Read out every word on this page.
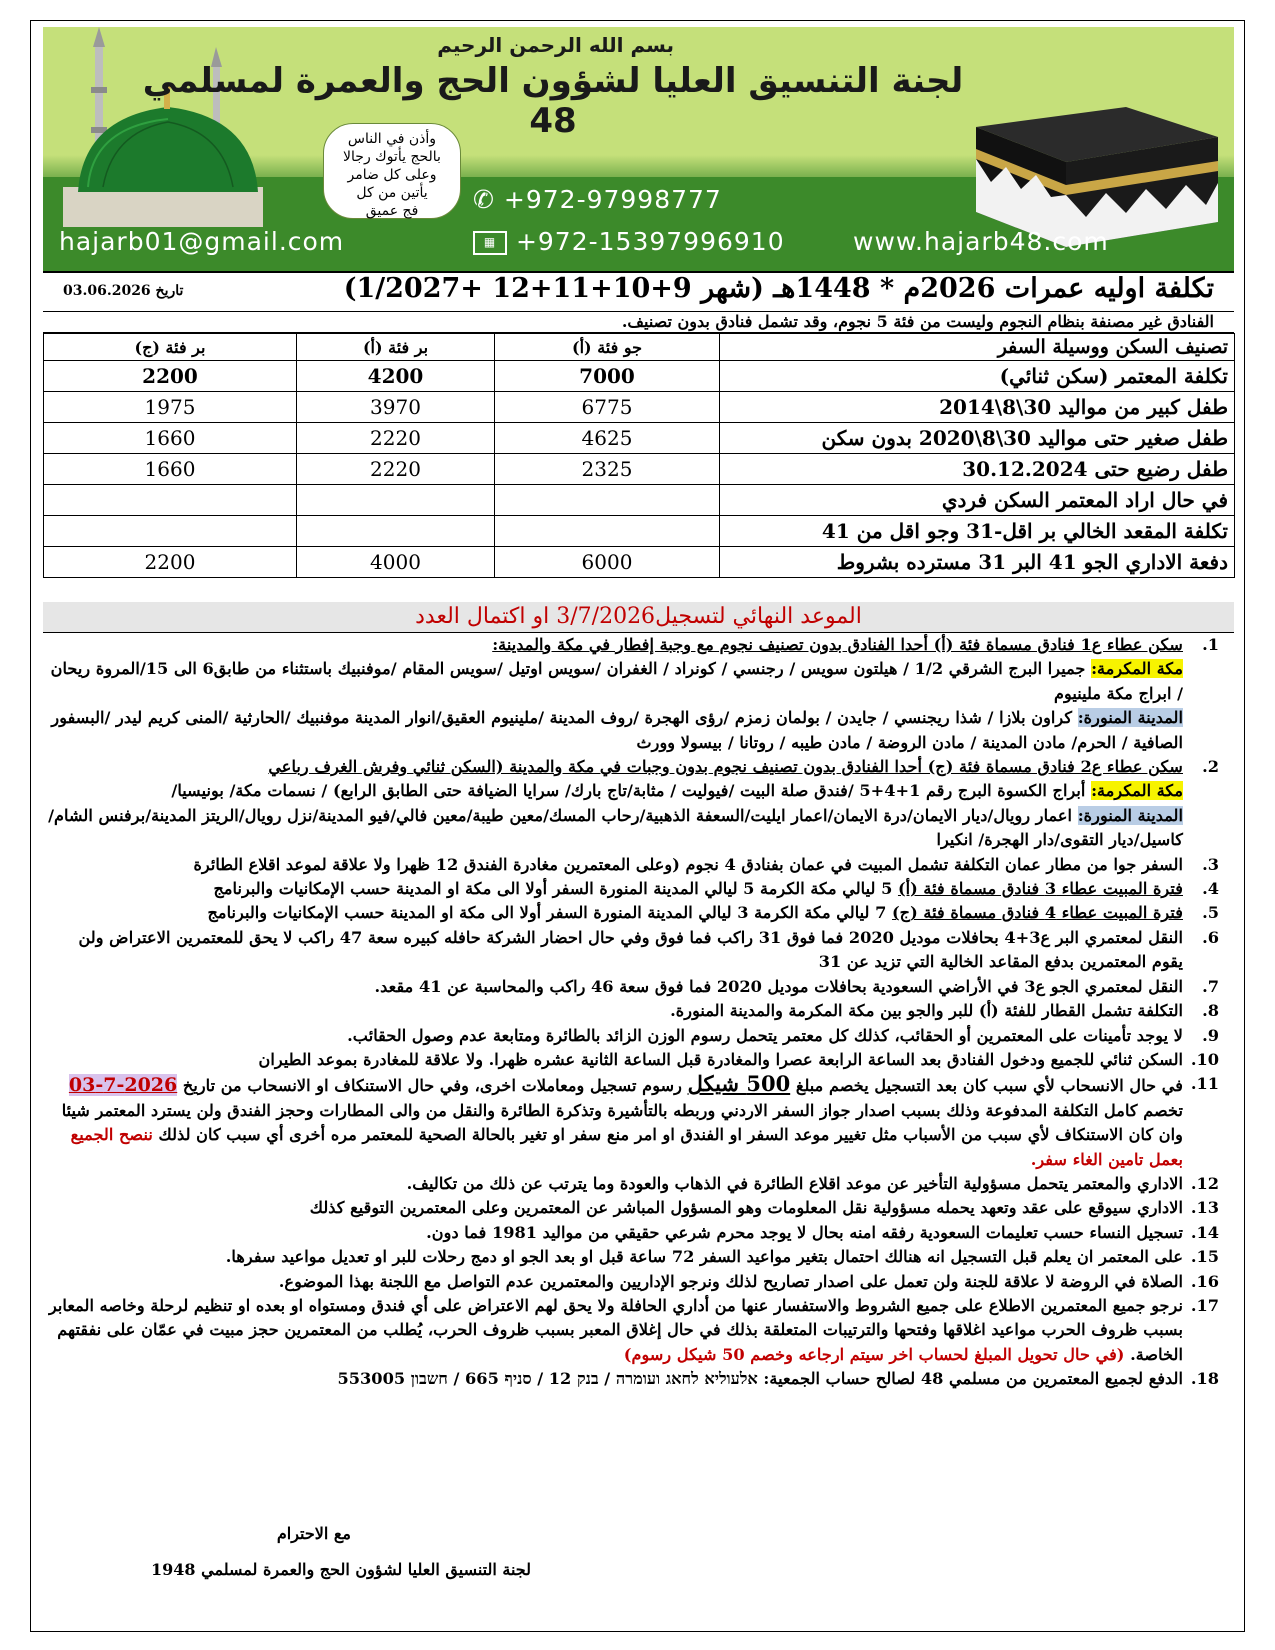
بسم الله الرحمن الرحيم
لجنة التنسيق العليا لشؤون الحج والعمرة لمسلمي 48
وأذن في الناس
بالحج يأتوك رجالا
وعلى كل ضامر
يأتين من كل
فج عميق	✆ +972-97998777
▦ +972-15397996910
hajarb01@gmail.com	www.hajarb48.com
تكلفة اوليه عمرات 2026م * 1448هـ (شهر 9+10+11+12 +1/2027)
تاريخ 03.06.2026
الفنادق غير مصنفة بنظام النجوم وليست من فئة 5 نجوم، وقد تشمل فنادق بدون تصنيف.
تصنيف السكن ووسيلة السفر	جو فئة (أ)	بر فئة (أ)	بر فئة (ج)
تكلفة المعتمر (سكن ثنائي)	7000	4200	2200
طفل كبير من مواليد 30\8\2014	6775	3970	1975
طفل صغير حتى مواليد 30\8\2020 بدون سكن	4625	2220	1660
طفل رضيع حتى 30.12.2024	2325	2220	1660
في حال اراد المعتمر السكن فردي			
تكلفة المقعد الخالي بر اقل-31 وجو اقل من 41			
دفعة الاداري الجو 41 البر 31 مسترده بشروط	6000	4000	2200
الموعد النهائي لتسجيل3/7/2026 او اكتمال العدد
1.
سكن عطاء ع1 فنادق مسماة فئة (أ) أحدا الفنادق بدون تصنيف نجوم مع وجبة إفطار في مكة والمدينة:
مكة المكرمة: جميرا البرج الشرقي 1/2 / هيلتون سويس / رجنسي / كونراد / الغفران /سويس اوتيل /سويس المقام /موفنبيك باستثناء من طابق6 الى 15/المروة ريحان / ابراج مكة ملينيوم
المدينة المنورة: كراون بلازا / شذا ريجنسي / جايدن / بولمان زمزم /رؤى الهجرة /روف المدينة /ملينيوم العقيق/انوار المدينة موفنبيك /الحارثية /المنى كريم ليدر /البسفور الصافية / الحرم/ مادن المدينة / مادن الروضة / مادن طيبه / روتانا / بيسولا وورث
2.
سكن عطاء ع2 فنادق مسماة فئة (ج) أحدا الفنادق بدون تصنيف نجوم بدون وجبات في مكة والمدينة (السكن ثنائي وفرش الغرف رباعي
مكة المكرمة: أبراج الكسوة البرج رقم 1+4+5 /فندق صلة البيت /فيوليت / مثابة/تاج بارك/ سرايا الضيافة حتى الطابق الرابع) / نسمات مكة/ بونيسيا/
المدينة المنورة: اعمار رويال/ديار الايمان/درة الايمان/اعمار ايليت/السعفة الذهبية/رحاب المسك/معين طيبة/معين فالي/فيو المدينة/نزل رويال/الريتز المدينة/برفنس الشام/كاسيل/ديار التقوى/دار الهجرة/ انكيرا
3.
السفر جوا من مطار عمان التكلفة تشمل المبيت في عمان بفنادق 4 نجوم (وعلى المعتمرين مغادرة الفندق 12 ظهرا ولا علاقة لموعد اقلاع الطائرة
4.
فترة المبيت عطاء 3 فنادق مسماة فئة (أ) 5 ليالي مكة الكرمة 5 ليالي المدينة المنورة السفر أولا الى مكة او المدينة حسب الإمكانيات والبرنامج
5.
فترة المبيت عطاء 4 فنادق مسماة فئة (ج) 7 ليالي مكة الكرمة 3 ليالي المدينة المنورة السفر أولا الى مكة او المدينة حسب الإمكانيات والبرنامج
6.
النقل لمعتمري البر ع3+4 بحافلات موديل 2020 فما فوق 31 راكب فما فوق وفي حال احضار الشركة حافله كبيره سعة 47 راكب لا يحق للمعتمرين الاعتراض ولن يقوم المعتمرين بدفع المقاعد الخالية التي تزيد عن 31
7.
النقل لمعتمري الجو ع3 في الأراضي السعودية بحافلات موديل 2020 فما فوق سعة 46 راكب والمحاسبة عن 41 مقعد.
8.
التكلفة تشمل القطار للفئة (أ) للبر والجو بين مكة المكرمة والمدينة المنورة.
9.
لا يوجد تأمينات على المعتمرين أو الحقائب، كذلك كل معتمر يتحمل رسوم الوزن الزائد بالطائرة ومتابعة عدم وصول الحقائب.
10.
السكن ثنائي للجميع ودخول الفنادق بعد الساعة الرابعة عصرا والمغادرة قبل الساعة الثانية عشره ظهرا. ولا علاقة للمغادرة بموعد الطيران
11.
في حال الانسحاب لأي سبب كان بعد التسجيل يخصم مبلغ 500 شيكل رسوم تسجيل ومعاملات اخرى، وفي حال الاستنكاف او الانسحاب من تاريخ 2026-7-03 تخصم كامل التكلفة المدفوعة وذلك بسبب اصدار جواز السفر الاردني وربطه بالتأشيرة وتذكرة الطائرة والنقل من والى المطارات وحجز الفندق ولن يسترد المعتمر شيئا وان كان الاستنكاف لأي سبب من الأسباب مثل تغيير موعد السفر او الفندق او امر منع سفر او تغير بالحالة الصحية للمعتمر مره أخرى أي سبب كان لذلك ننصح الجميع بعمل تامين الغاء سفر.
12.
الاداري والمعتمر يتحمل مسؤولية التأخير عن موعد اقلاع الطائرة في الذهاب والعودة وما يترتب عن ذلك من تكاليف.
13.
الاداري سيوقع على عقد وتعهد يحمله مسؤولية نقل المعلومات وهو المسؤول المباشر عن المعتمرين وعلى المعتمرين التوقيع كذلك
14.
تسجيل النساء حسب تعليمات السعودية رفقه امنه بحال لا يوجد محرم شرعي حقيقي من مواليد 1981 فما دون.
15.
على المعتمر ان يعلم قبل التسجيل انه هنالك احتمال بتغير مواعيد السفر 72 ساعة قبل او بعد الجو او دمج رحلات للبر او تعديل مواعيد سفرها.
16.
الصلاة في الروضة لا علاقة للجنة ولن تعمل على اصدار تصاريح لذلك ونرجو الإداريين والمعتمرين عدم التواصل مع اللجنة بهذا الموضوع.
17.
نرجو جميع المعتمرين الاطلاع على جميع الشروط والاستفسار عنها من أداري الحافلة ولا يحق لهم الاعتراض على أي فندق ومستواه او بعده او تنظيم لرحلة وخاصه المعابر بسبب ظروف الحرب مواعيد اغلاقها وفتحها والترتيبات المتعلقة بذلك في حال إغلاق المعبر بسبب ظروف الحرب، يُطلب من المعتمرين حجز مبيت في عمّان على نفقتهم الخاصة. (في حال تحويل المبلغ لحساب اخر سيتم ارجاعه وخصم 50 شيكل رسوم)
18.
الدفع لجميع المعتمرين من مسلمي 48 لصالح حساب الجمعية: אלעוליא לחאג ועומרה / בנק 12 / סניף 665 / חשבון 553005
مع الاحترام
لجنة التنسيق العليا لشؤون الحج والعمرة لمسلمي 1948
